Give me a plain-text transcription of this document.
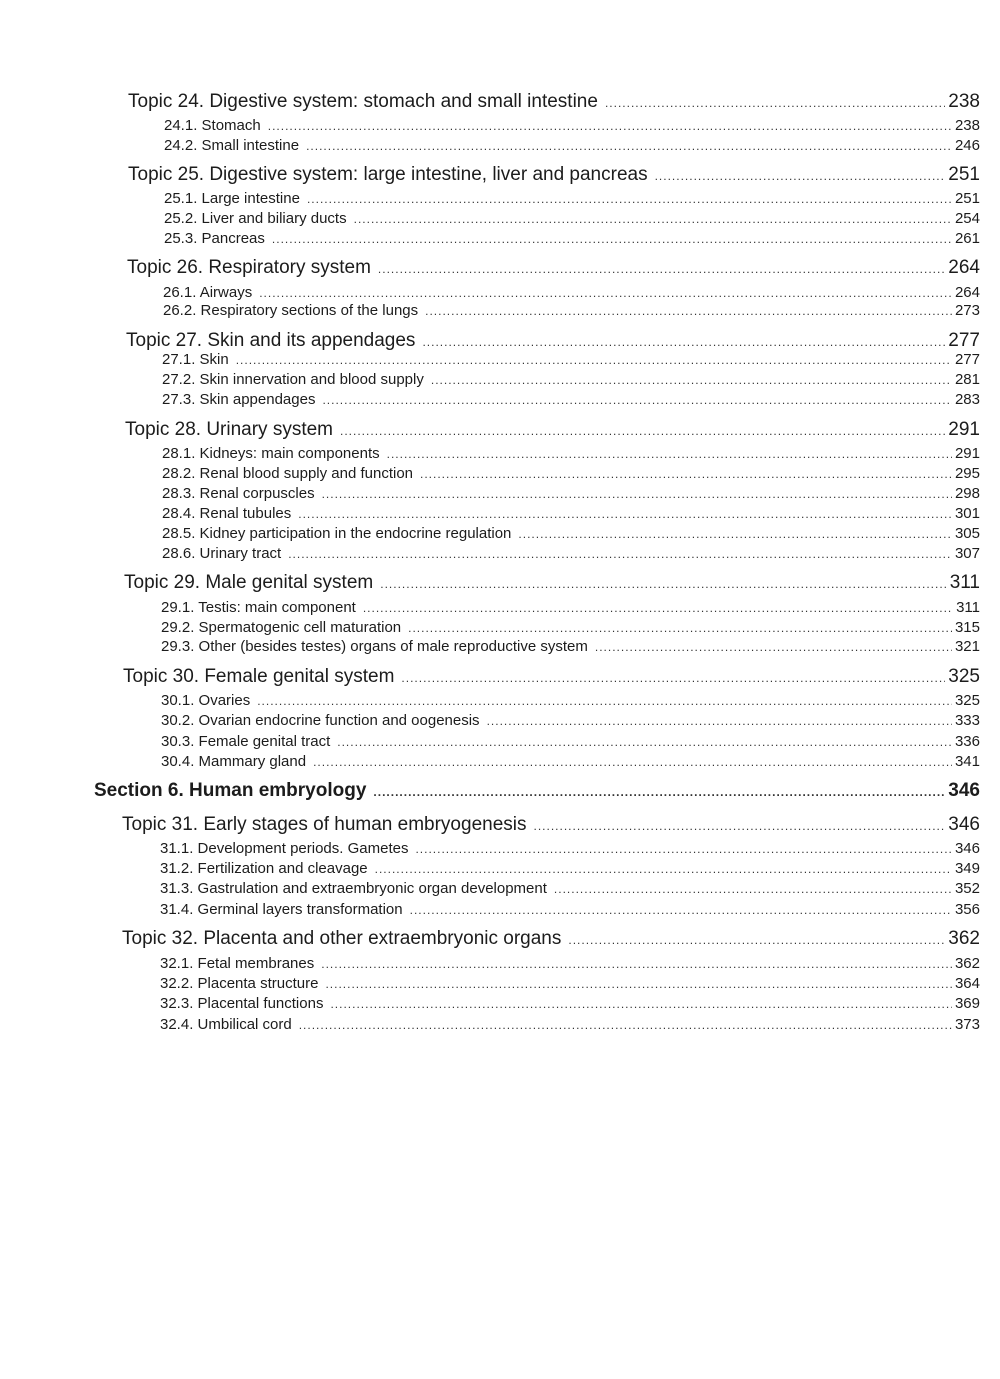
Topic 24. Digestive system: stomach and small intestine .....	238
24.1. Stomach .....	238
24.2. Small intestine .....	246
Topic 25. Digestive system: large intestine, liver and pancreas .....	251
25.1. Large intestine .....	251
25.2. Liver and biliary ducts .....	254
25.3. Pancreas .....	261
Topic 26. Respiratory system .....	264
26.1. Airways .....	264
26.2. Respiratory sections of the lungs .....	273
Topic 27. Skin and its appendages .....	277
27.1. Skin .....	277
27.2. Skin innervation and blood supply .....	281
27.3. Skin appendages .....	283
Topic 28. Urinary system .....	291
28.1. Kidneys: main components .....	291
28.2. Renal blood supply and function .....	295
28.3. Renal corpuscles .....	298
28.4. Renal tubules .....	301
28.5. Kidney participation in the endocrine regulation .....	305
28.6. Urinary tract .....	307
Topic 29. Male genital system .....	311
29.1. Testis: main component .....	311
29.2. Spermatogenic cell maturation .....	315
29.3. Other (besides testes) organs of male reproductive system .....	321
Topic 30. Female genital system .....	325
30.1. Ovaries .....	325
30.2. Ovarian endocrine function and oogenesis .....	333
30.3. Female genital tract .....	336
30.4. Mammary gland .....	341
Section 6. Human embryology .....	346
Topic 31. Early stages of human embryogenesis .....	346
31.1. Development periods. Gametes .....	346
31.2. Fertilization and cleavage .....	349
31.3. Gastrulation and extraembryonic organ development .....	352
31.4. Germinal layers transformation .....	356
Topic 32. Placenta and other extraembryonic organs .....	362
32.1. Fetal membranes .....	362
32.2. Placenta structure .....	364
32.3. Placental functions .....	369
32.4. Umbilical cord .....	373
